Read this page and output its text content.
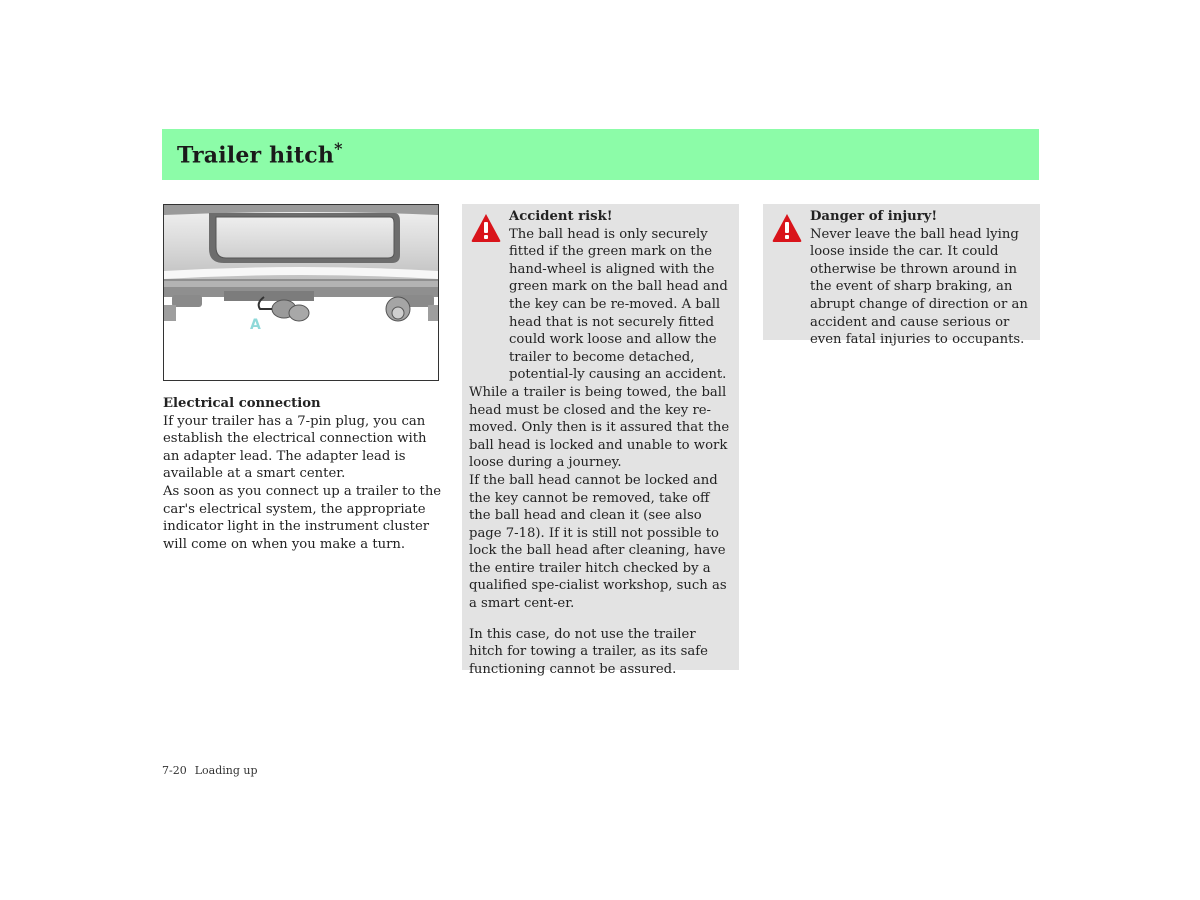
Trailer hitch*
A
Electrical connection

If your trailer has a 7-pin plug, you can establish the electrical connection with an adapter lead. The adapter lead is available at a smart center.

As soon as you connect up a trailer to the car's electrical system, the appropriate indicator light in the instrument cluster will come on when you make a turn.

Accident risk!

The ball head is only securely fitted if the green mark on the hand-wheel is aligned with the green mark on the ball head and the key can be re-moved. A ball head that is not securely fitted could work loose and allow the trailer to become detached, potential-ly causing an accident.

While a trailer is being towed, the ball head must be closed and the key re-moved. Only then is it assured that the ball head is locked and unable to work loose during a journey.

If the ball head cannot be locked and the key cannot be removed, take off the ball head and clean it (see also page 7-18). If it is still not possible to lock the ball head after cleaning, have the entire trailer hitch checked by a qualified spe-cialist workshop, such as a smart cent-er.

In this case, do not use the trailer hitch for towing a trailer, as its safe functioning cannot be assured.

Danger of injury!

Never leave the ball head lying loose inside the car. It could otherwise be thrown around in the event of sharp braking, an abrupt change of direction or an accident and cause serious or even fatal injuries to occupants.

7-20 Loading up
